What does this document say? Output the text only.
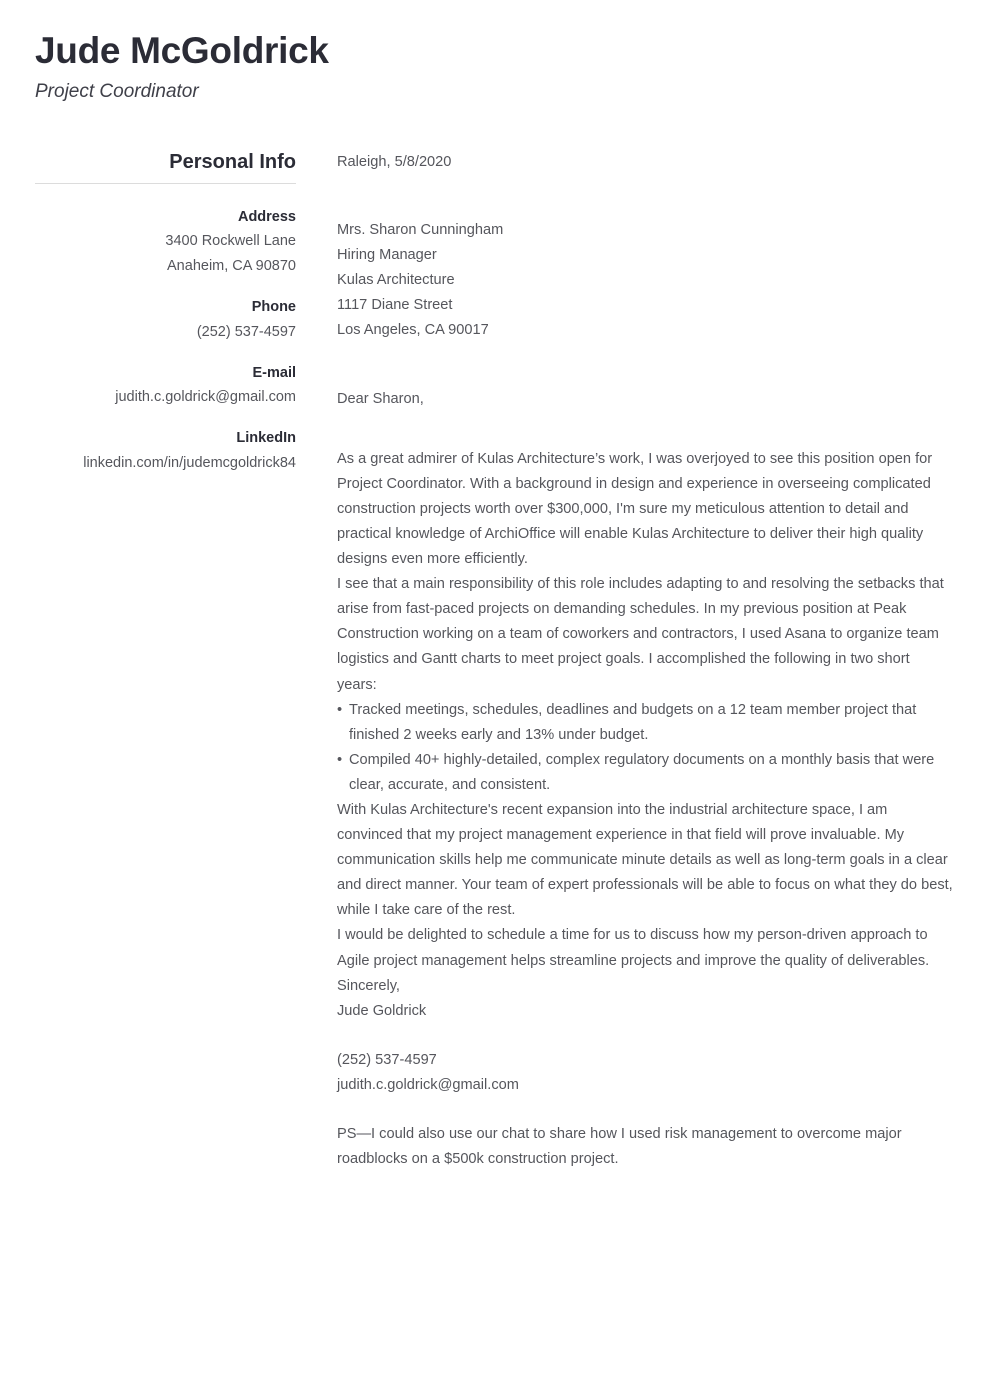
Jude McGoldrick
Project Coordinator
Personal Info
Address
3400 Rockwell Lane
Anaheim, CA 90870
Phone
(252) 537-4597
E-mail
judith.c.goldrick@gmail.com
LinkedIn
linkedin.com/in/judemcgoldrick84
Raleigh, 5/8/2020
Mrs. Sharon Cunningham
Hiring Manager
Kulas Architecture
1117 Diane Street
Los Angeles, CA 90017
Dear Sharon,

As a great admirer of Kulas Architecture’s work, I was overjoyed to see this position open for Project Coordinator. With a background in design and experience in overseeing complicated construction projects worth over $300,000, I'm sure my meticulous attention to detail and practical knowledge of ArchiOffice will enable Kulas Architecture to deliver their high quality designs even more efficiently.

I see that a main responsibility of this role includes adapting to and resolving the setbacks that arise from fast-paced projects on demanding schedules. In my previous position at Peak Construction working on a team of coworkers and contractors, I used Asana to organize team logistics and Gantt charts to meet project goals. I accomplished the following in two short years:

• Tracked meetings, schedules, deadlines and budgets on a 12 team member project that finished 2 weeks early and 13% under budget.
• Compiled 40+ highly-detailed, complex regulatory documents on a monthly basis that were clear, accurate, and consistent.

With Kulas Architecture's recent expansion into the industrial architecture space, I am convinced that my project management experience in that field will prove invaluable. My communication skills help me communicate minute details as well as long-term goals in a clear and direct manner. Your team of expert professionals will be able to focus on what they do best, while I take care of the rest.

I would be delighted to schedule a time for us to discuss how my person-driven approach to Agile project management helps streamline projects and improve the quality of deliverables.

Sincerely,
Jude Goldrick
(252) 537-4597
judith.c.goldrick@gmail.com

PS—I could also use our chat to share how I used risk management to overcome major roadblocks on a $500k construction project.
